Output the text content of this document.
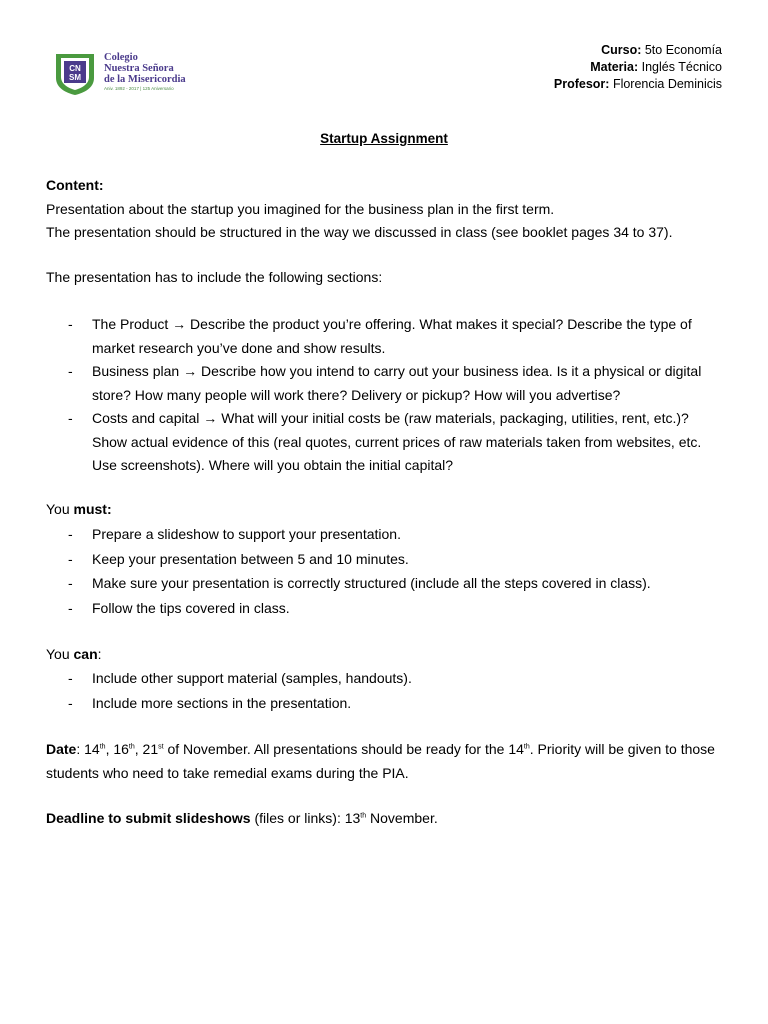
CN
SM
Colegio
Nuestra Señora
de la Misericordia
Aniv. 1892 - 2017 | 125 Aniversario
Curso: 5to Economía
Materia: Inglés Técnico
Profesor: Florencia Deminicis
Startup Assignment
Content:
Presentation about the startup you imagined for the business plan in the first term.
The presentation should be structured in the way we discussed in class (see booklet pages 34 to 37).
The presentation has to include the following sections:
- The Product → Describe the product you’re offering. What makes it special? Describe the type of market research you’ve done and show results.
- Business plan → Describe how you intend to carry out your business idea. Is it a physical or digital store? How many people will work there? Delivery or pickup? How will you advertise?
- Costs and capital → What will your initial costs be (raw materials, packaging, utilities, rent, etc.)? Show actual evidence of this (real quotes, current prices of raw materials taken from websites, etc. Use screenshots). Where will you obtain the initial capital?
You must:
- Prepare a slideshow to support your presentation.
- Keep your presentation between 5 and 10 minutes.
- Make sure your presentation is correctly structured (include all the steps covered in class).
- Follow the tips covered in class.
You can:
- Include other support material (samples, handouts).
- Include more sections in the presentation.
Date: 14th, 16th, 21st of November. All presentations should be ready for the 14th. Priority will be given to those students who need to take remedial exams during the PIA.
Deadline to submit slideshows (files or links): 13th November.
